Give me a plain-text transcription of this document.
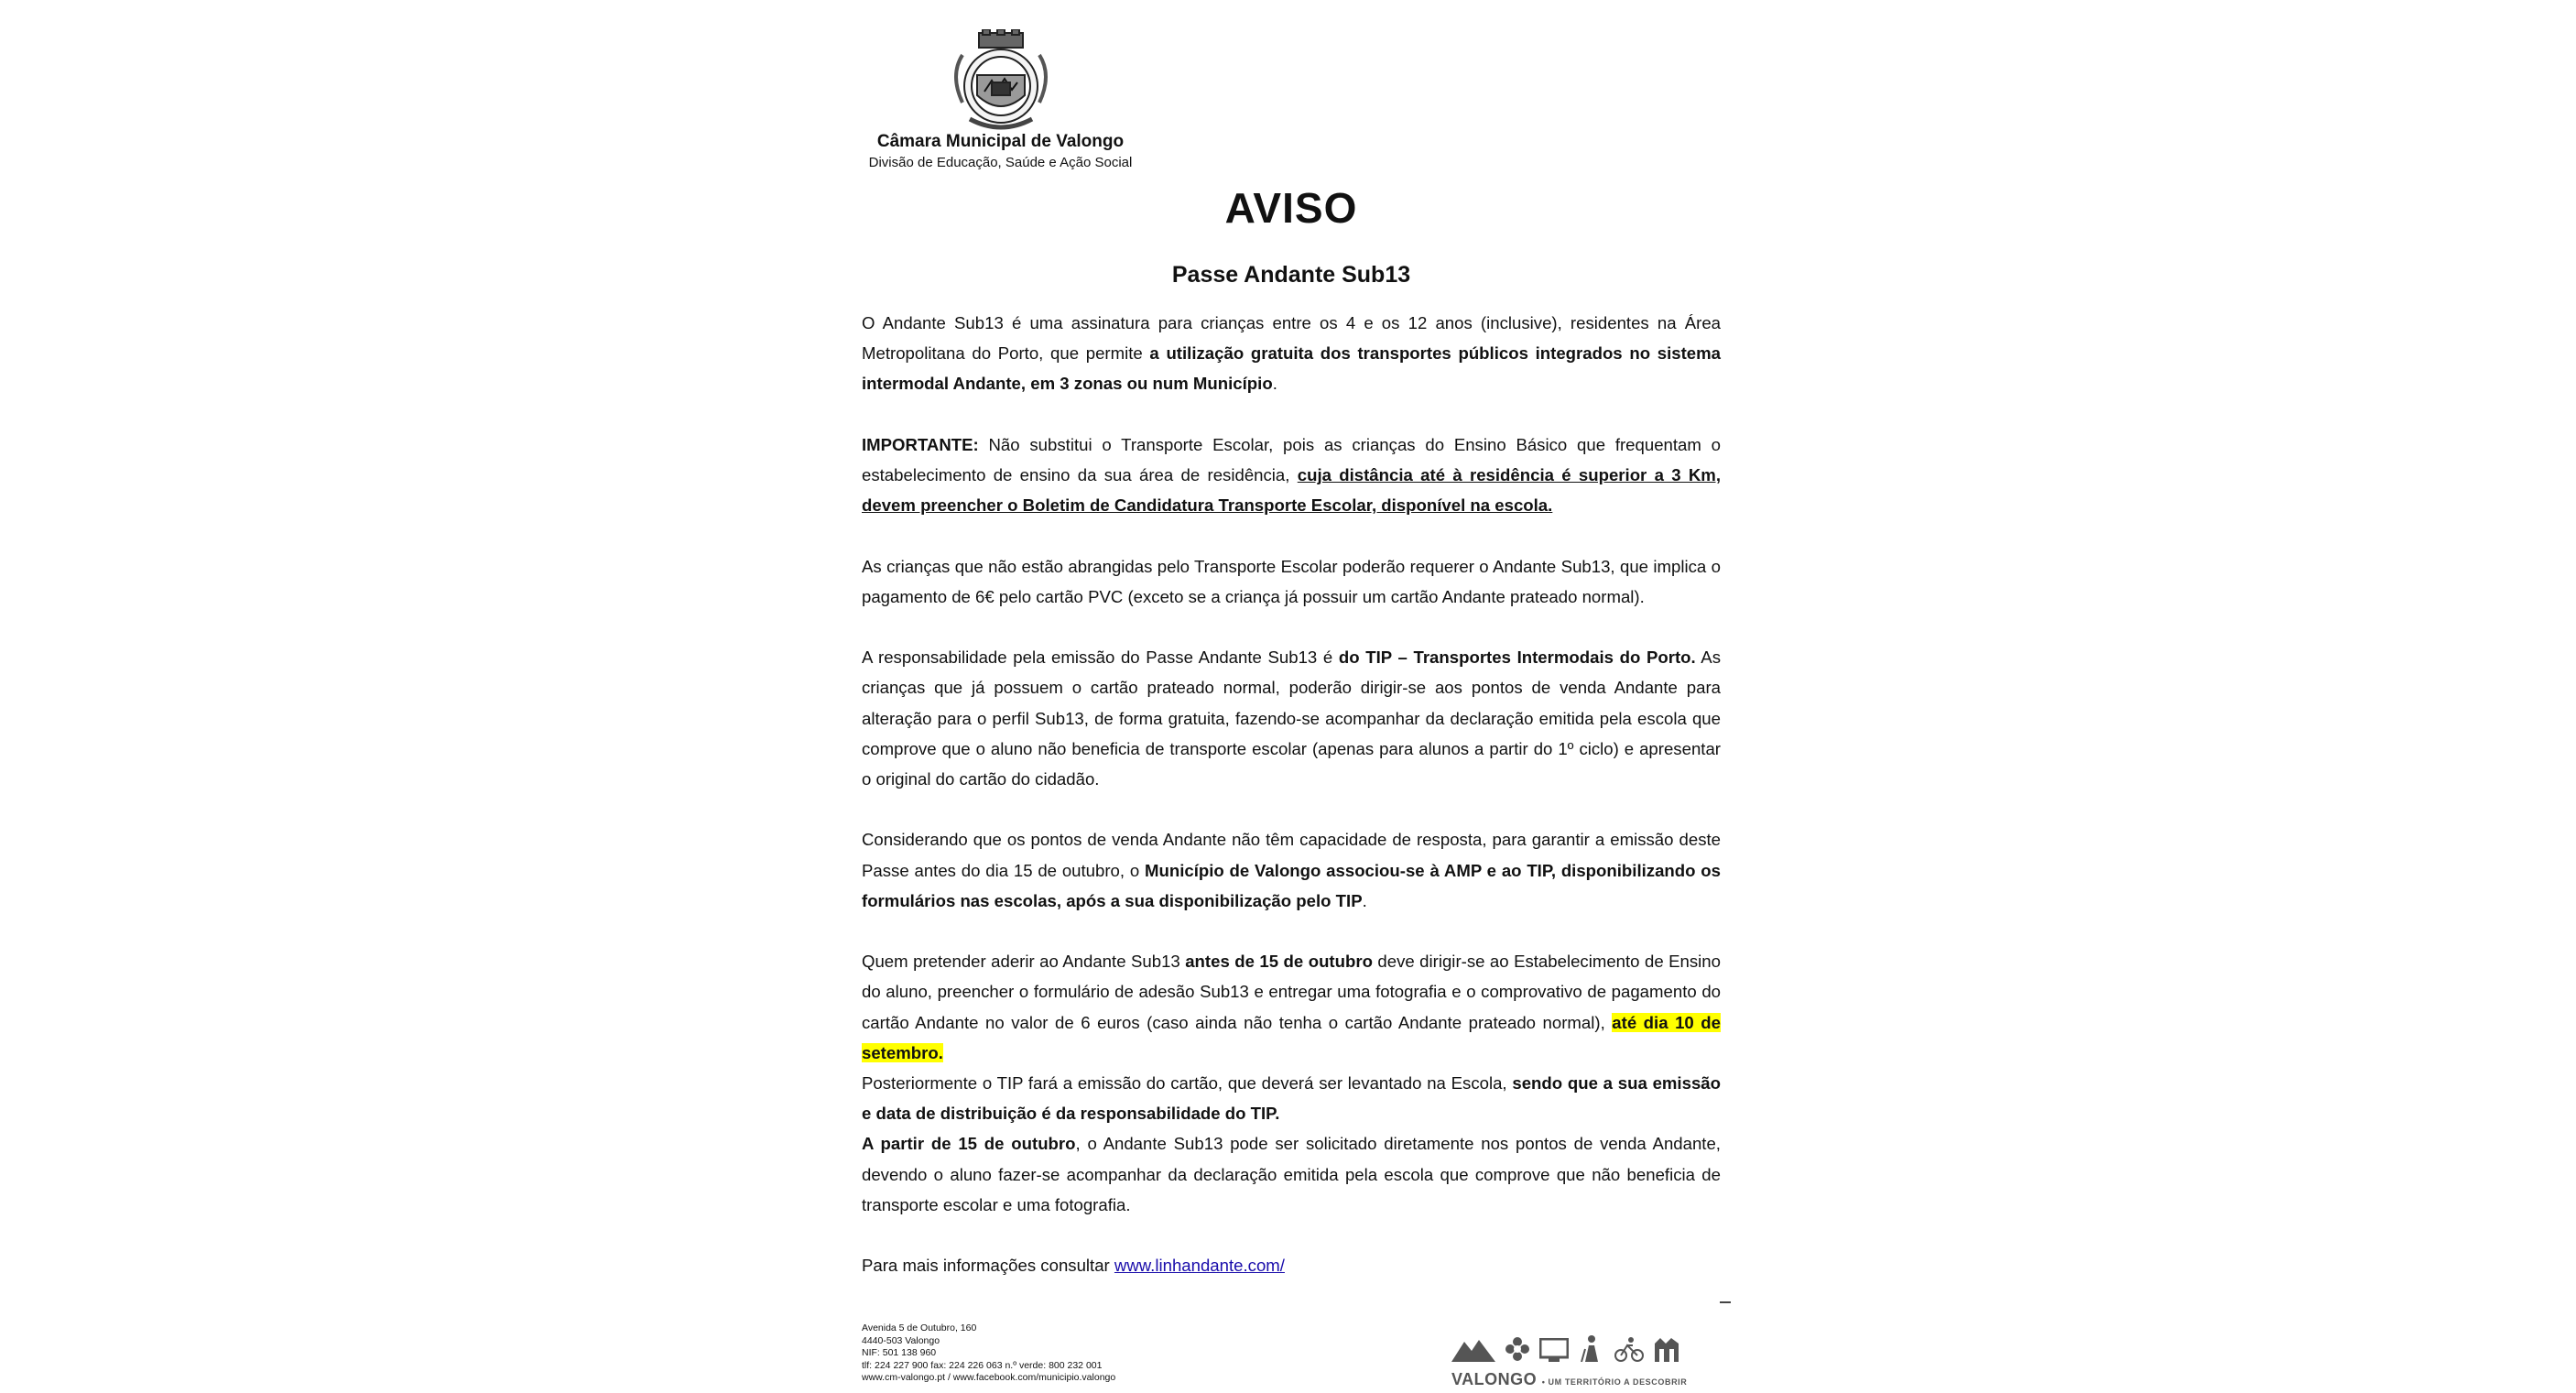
Câmara Municipal de Valongo
Divisão de Educação, Saúde e Ação Social
AVISO
Passe Andante Sub13

O Andante Sub13 é uma assinatura para crianças entre os 4 e os 12 anos (inclusive), residentes na Área Metropolitana do Porto, que permite a utilização gratuita dos transportes públicos integrados no sistema intermodal Andante, em 3 zonas ou num Município.

IMPORTANTE: Não substitui o Transporte Escolar, pois as crianças do Ensino Básico que frequentam o estabelecimento de ensino da sua área de residência, cuja distância até à residência é superior a 3 Km, devem preencher o Boletim de Candidatura Transporte Escolar, disponível na escola.

As crianças que não estão abrangidas pelo Transporte Escolar poderão requerer o Andante Sub13, que implica o pagamento de 6€ pelo cartão PVC (exceto se a criança já possuir um cartão Andante prateado normal).

A responsabilidade pela emissão do Passe Andante Sub13 é do TIP – Transportes Intermodais do Porto. As crianças que já possuem o cartão prateado normal, poderão dirigir-se aos pontos de venda Andante para alteração para o perfil Sub13, de forma gratuita, fazendo-se acompanhar da declaração emitida pela escola que comprove que o aluno não beneficia de transporte escolar (apenas para alunos a partir do 1º ciclo) e apresentar o original do cartão do cidadão.

Considerando que os pontos de venda Andante não têm capacidade de resposta, para garantir a emissão deste Passe antes do dia 15 de outubro, o Município de Valongo associou-se à AMP e ao TIP, disponibilizando os formulários nas escolas, após a sua disponibilização pelo TIP.

Quem pretender aderir ao Andante Sub13 antes de 15 de outubro deve dirigir-se ao Estabelecimento de Ensino do aluno, preencher o formulário de adesão Sub13 e entregar uma fotografia e o comprovativo de pagamento do cartão Andante no valor de 6 euros (caso ainda não tenha o cartão Andante prateado normal), até dia 10 de setembro.

Posteriormente o TIP fará a emissão do cartão, que deverá ser levantado na Escola, sendo que a sua emissão e data de distribuição é da responsabilidade do TIP.

A partir de 15 de outubro, o Andante Sub13 pode ser solicitado diretamente nos pontos de venda Andante, devendo o aluno fazer-se acompanhar da declaração emitida pela escola que comprove que não beneficia de transporte escolar e uma fotografia.

Para mais informações consultar www.linhandante.com/

Avenida 5 de Outubro, 160
4440-503 Valongo
NIF: 501 138 960
tlf: 224 227 900 fax: 224 226 063 n.º verde: 800 232 001
www.cm-valongo.pt / www.facebook.com/municipio.valongo	VALONGO • UM TERRITÓRIO A DESCOBRIR
